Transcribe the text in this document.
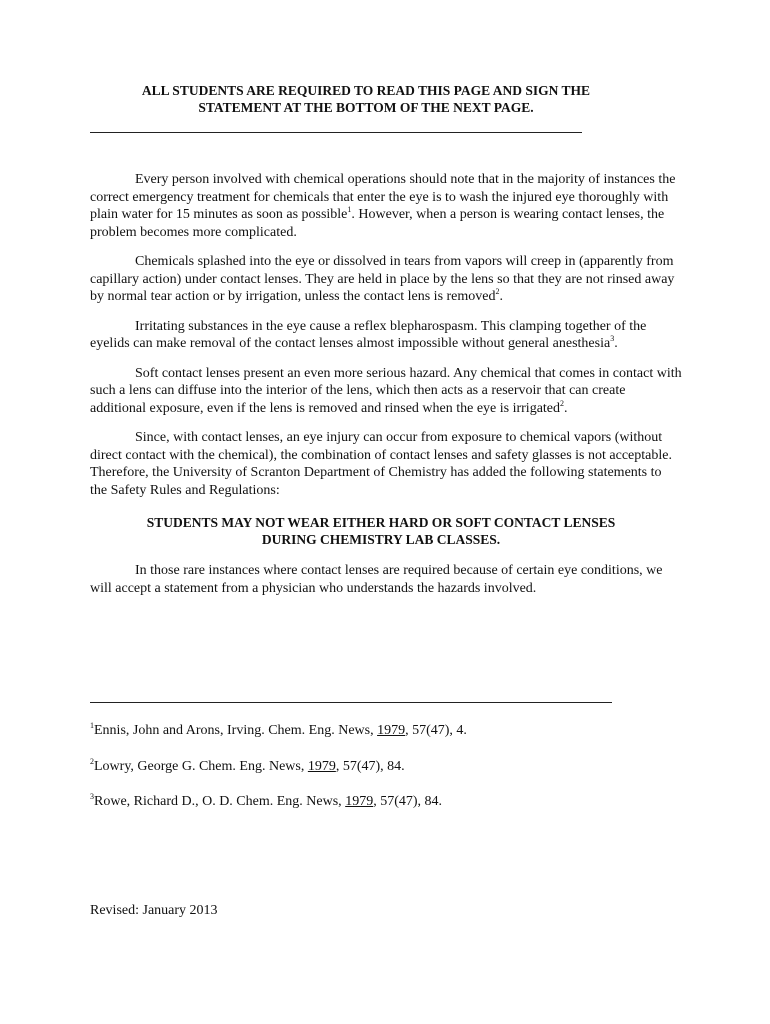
ALL STUDENTS ARE REQUIRED TO READ THIS PAGE AND SIGN THE
STATEMENT AT THE BOTTOM OF THE NEXT PAGE.

Every person involved with chemical operations should note that in the majority of instances the correct emergency treatment for chemicals that enter the eye is to wash the injured eye thoroughly with plain water for 15 minutes as soon as possible$^1$. However, when a person is wearing contact lenses, the problem becomes more complicated.

Chemicals splashed into the eye or dissolved in tears from vapors will creep in (apparently from capillary action) under contact lenses. They are held in place by the lens so that they are not rinsed away by normal tear action or by irrigation, unless the contact lens is removed$^2$.

Irritating substances in the eye cause a reflex blepharospasm. This clamping together of the eyelids can make removal of the contact lenses almost impossible without general anesthesia$^3$.

Soft contact lenses present an even more serious hazard. Any chemical that comes in contact with such a lens can diffuse into the interior of the lens, which then acts as a reservoir that can create additional exposure, even if the lens is removed and rinsed when the eye is irrigated$^2$.

Since, with contact lenses, an eye injury can occur from exposure to chemical vapors (without direct contact with the chemical), the combination of contact lenses and safety glasses is not acceptable. Therefore, the University of Scranton Department of Chemistry has added the following statements to the Safety Rules and Regulations:

STUDENTS MAY NOT WEAR EITHER HARD OR SOFT CONTACT LENSES
DURING CHEMISTRY LAB CLASSES.

In those rare instances where contact lenses are required because of certain eye conditions, we will accept a statement from a physician who understands the hazards involved.

$^1$Ennis, John and Arons, Irving. Chem. Eng. News, 1979, 57(47), 4.

$^2$Lowry, George G. Chem. Eng. News, 1979, 57(47), 84.

$^3$Rowe, Richard D., O. D. Chem. Eng. News, 1979, 57(47), 84.

Revised: January 2013
